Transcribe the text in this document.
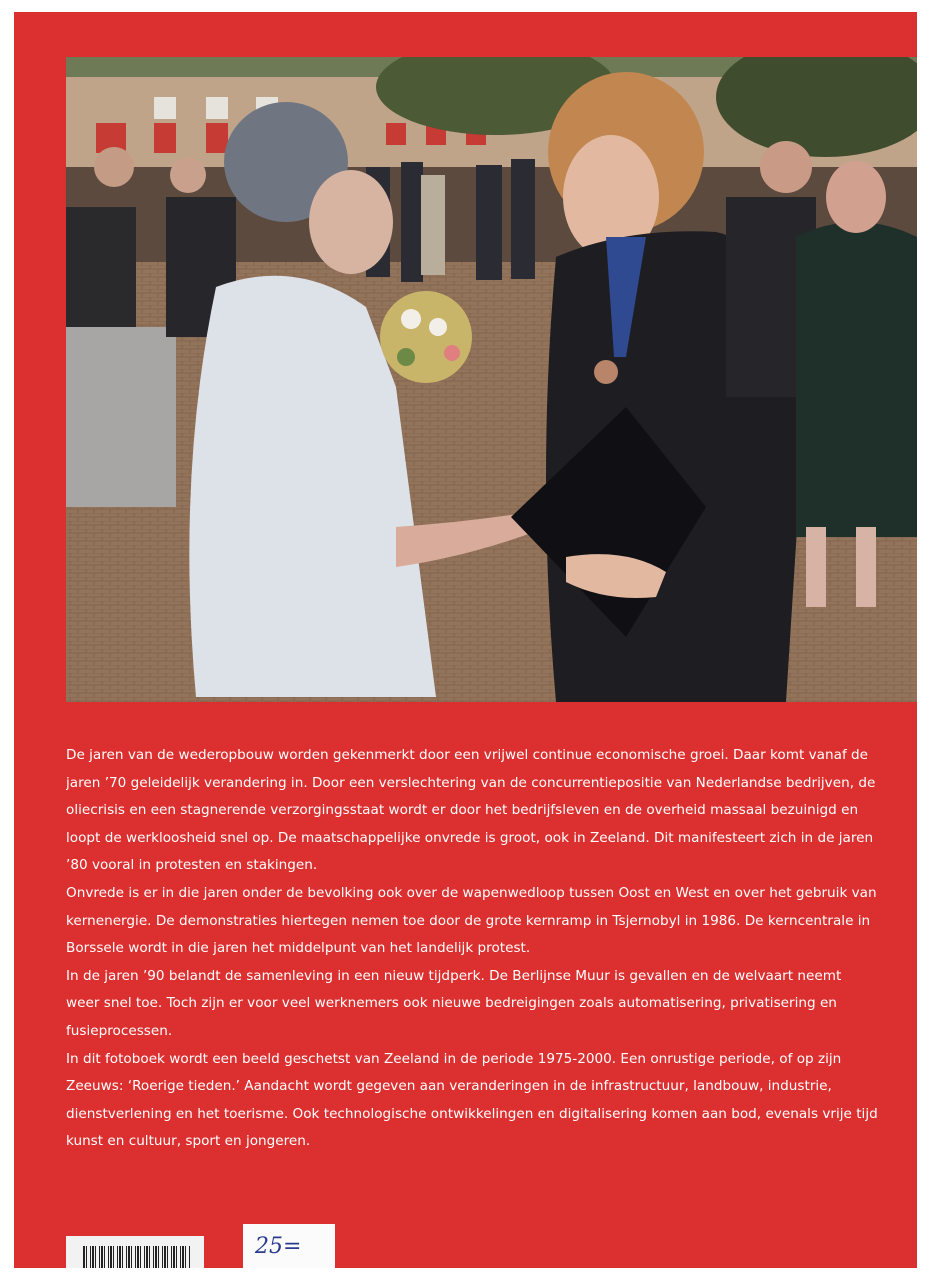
De jaren van de wederopbouw worden gekenmerkt door een vrijwel continue economische groei. Daar komt vanaf de

jaren ’70 geleidelijk verandering in. Door een verslechtering van de concurrentiepositie van Nederlandse bedrijven, de

oliecrisis en een stagnerende verzorgingsstaat wordt er door het bedrijfsleven en de overheid massaal bezuinigd en

loopt de werkloosheid snel op. De maatschappelijke onvrede is groot, ook in Zeeland. Dit manifesteert zich in de jaren

’80 vooral in protesten en stakingen.

Onvrede is er in die jaren onder de bevolking ook over de wapenwedloop tussen Oost en West en over het gebruik van

kernenergie. De demonstraties hiertegen nemen toe door de grote kernramp in Tsjernobyl in 1986. De kerncentrale in

Borssele wordt in die jaren het middelpunt van het landelijk protest.

In de jaren ’90 belandt de samenleving in een nieuw tijdperk. De Berlijnse Muur is gevallen en de welvaart neemt

weer snel toe. Toch zijn er voor veel werknemers ook nieuwe bedreigingen zoals automatisering, privatisering en

fusieprocessen.

In dit fotoboek wordt een beeld geschetst van Zeeland in de periode 1975-2000. Een onrustige periode, of op zijn

Zeeuws: ‘Roerige tieden.’ Aandacht wordt gegeven aan veranderingen in de infrastructuur, landbouw, industrie,

dienstverlening en het toerisme. Ook technologische ontwikkelingen en digitalisering komen aan bod, evenals vrije tijd

kunst en cultuur, sport en jongeren.

25=
